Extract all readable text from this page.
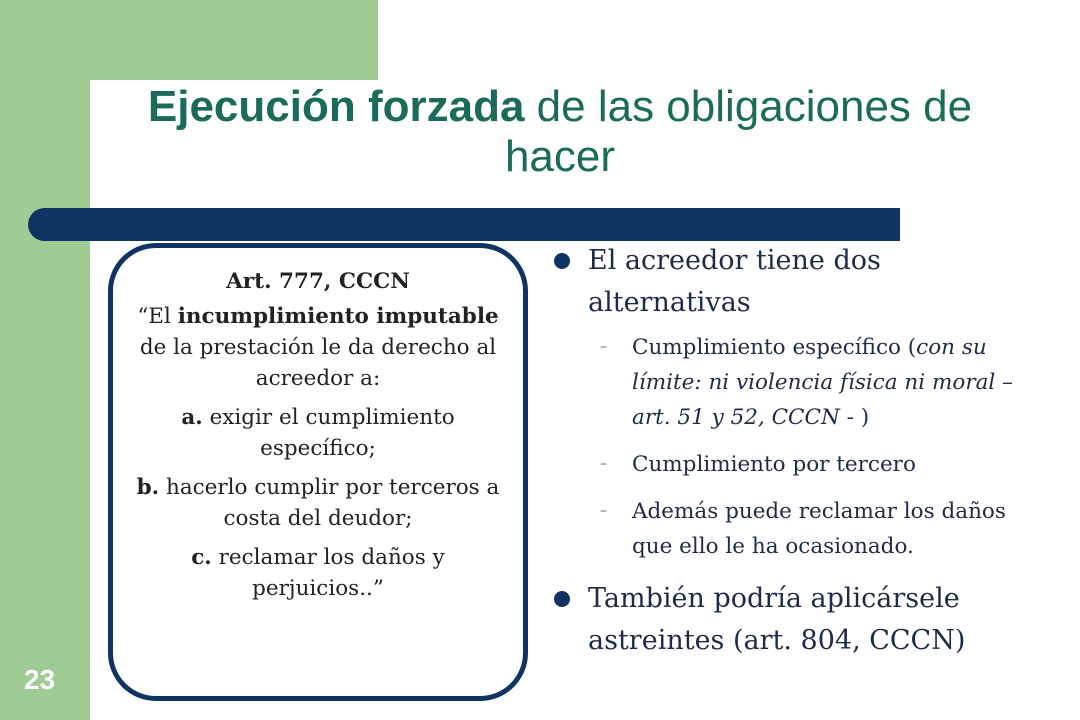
Ejecución forzada de las obligaciones de hacer
23

Art. 777, CCCN

“El incumplimiento imputable de la prestación le da derecho al acreedor a:

a. exigir el cumplimiento específico;

b. hacerlo cumplir por terceros a costa del deudor;

c. reclamar los daños y perjuicios..”

El acreedor tiene dos alternativas
– Cumplimiento específico (con su límite: ni violencia física ni moral – art. 51 y 52, CCCN - )
– Cumplimiento por tercero
– Además puede reclamar los daños que ello le ha ocasionado.
También podría aplicársele astreintes (art. 804, CCCN)
